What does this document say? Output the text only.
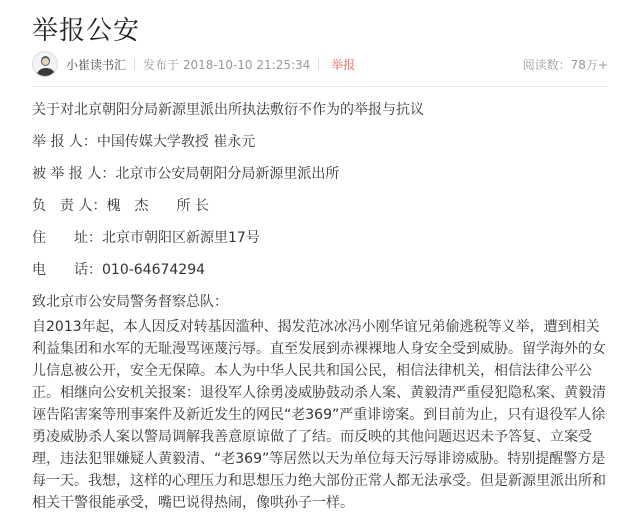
举报公安
小崔读书汇 发布于 2018-10-10 21:25:34 举报	阅读数：78万+
关于对北京朝阳分局新源里派出所执法敷衍不作为的举报与抗议
举 报 人：中国传媒大学教授 崔永元
被 举 报 人：北京市公安局朝阳分局新源里派出所
负　责 人：槐　杰　　所 长
住　　址：北京市朝阳区新源里17号
电　　话：010-64674294
致北京市公安局警务督察总队：
自2013年起，本人因反对转基因滥种、揭发范冰冰冯小刚华谊兄弟偷逃税等义举，遭到相关利益集团和水军的无耻漫骂诬蔑污辱。直至发展到赤裸裸地人身安全受到威胁。留学海外的女儿信息被公开，安全无保障。本人为中华人民共和国公民，相信法律机关，相信法律公平公正。相继向公安机关报案：退役军人徐勇凌威胁鼓动杀人案、黄毅清严重侵犯隐私案、黄毅清诬告陷害案等刑事案件及新近发生的网民“老369”严重诽谤案。到目前为止，只有退役军人徐勇凌威胁杀人案以警局调解我善意原谅做了了结。而反映的其他问题迟迟未予答复、立案受理，违法犯罪嫌疑人黄毅清、“老369”等居然以天为单位每天污辱诽谤威胁。特别提醒警方是每一天。我想，这样的心理压力和思想压力绝大部份正常人都无法承受。但是新源里派出所和相关干警很能承受，嘴巴说得热闹，像哄孙子一样。
